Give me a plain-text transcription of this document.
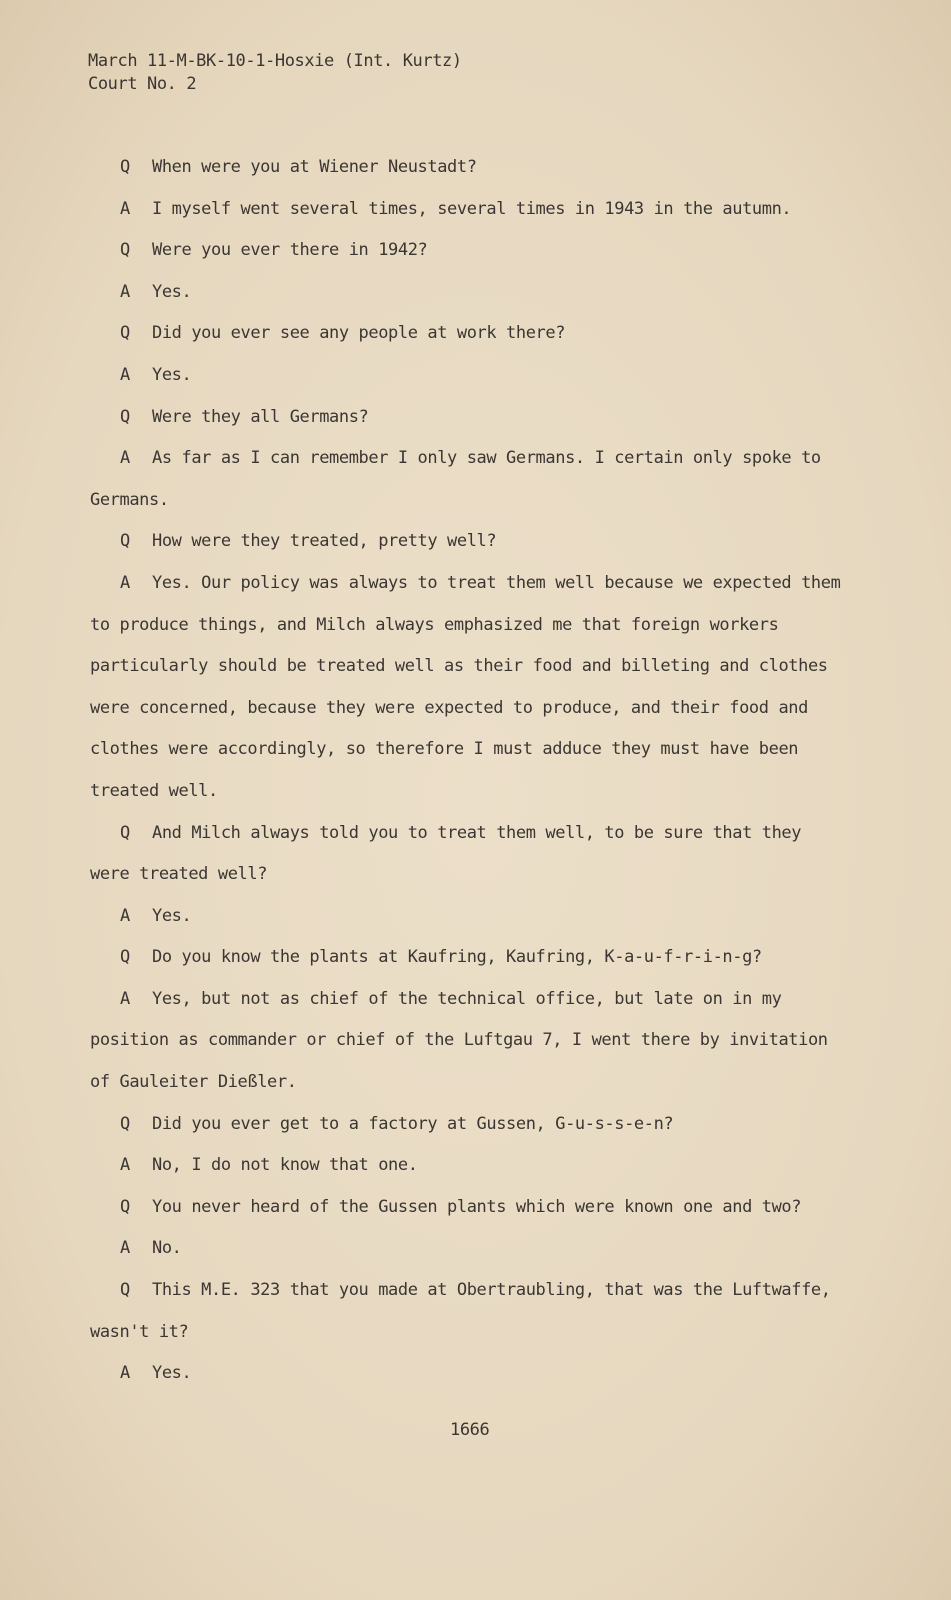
March 11-M-BK-10-1-Hosxie (Int. Kurtz)
Court No. 2

Q When were you at Wiener Neustadt?

A I myself went several times, several times in 1943 in the autumn.

Q Were you ever there in 1942?

A Yes.

Q Did you ever see any people at work there?

A Yes.

Q Were they all Germans?

A As far as I can remember I only saw Germans. I certain only spoke to Germans.

Q How were they treated, pretty well?

A Yes. Our policy was always to treat them well because we expected them to produce things, and Milch always emphasized me that foreign workers particularly should be treated well as their food and billeting and clothes were concerned, because they were expected to produce, and their food and clothes were accordingly, so therefore I must adduce they must have been treated well.

Q And Milch always told you to treat them well, to be sure that they were treated well?

A Yes.

Q Do you know the plants at Kaufring, Kaufring, K-a-u-f-r-i-n-g?

A Yes, but not as chief of the technical office, but late on in my position as commander or chief of the Luftgau 7, I went there by invitation of Gauleiter Dießler.

Q Did you ever get to a factory at Gussen, G-u-s-s-e-n?

A No, I do not know that one.

Q You never heard of the Gussen plants which were known one and two?

A No.

Q This M.E. 323 that you made at Obertraubling, that was the Luftwaffe, wasn't it?

A Yes.

1666
